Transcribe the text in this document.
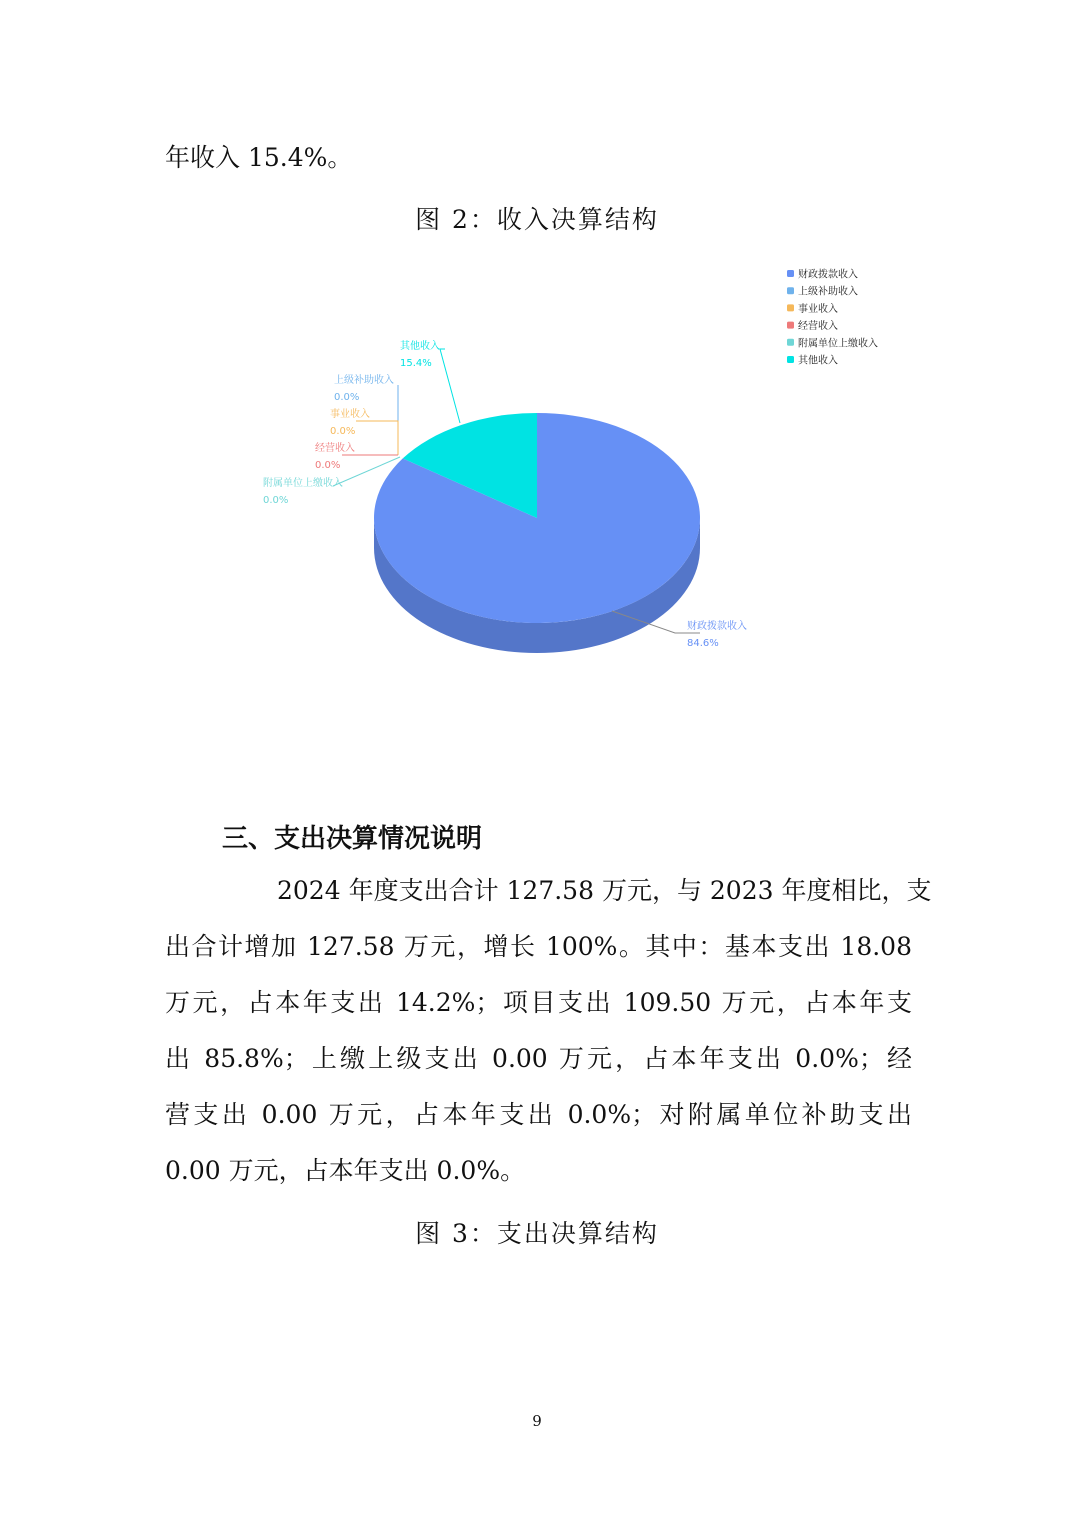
年收入 15.4%。
图 2：收入决算结构
财政拨款收入
上级补助收入
事业收入
经营收入
附属单位上缴收入
其他收入
其他收入
15.4%
上级补助收入
0.0%
事业收入
0.0%
经营收入
0.0%
附属单位上缴收入
0.0%
财政拨款收入
84.6%
三、支出决算情况说明
2024 年度支出合计 127.58 万元，与 2023 年度相比，支
出合计增加 127.58 万元，增长 100%。其中：基本支出 18.08
万元，占本年支出 14.2%；项目支出 109.50 万元，占本年支
出 85.8%；上缴上级支出 0.00 万元，占本年支出 0.0%；经
营支出 0.00 万元，占本年支出 0.0%；对附属单位补助支出
0.00 万元，占本年支出 0.0%。
图 3：支出决算结构
9
